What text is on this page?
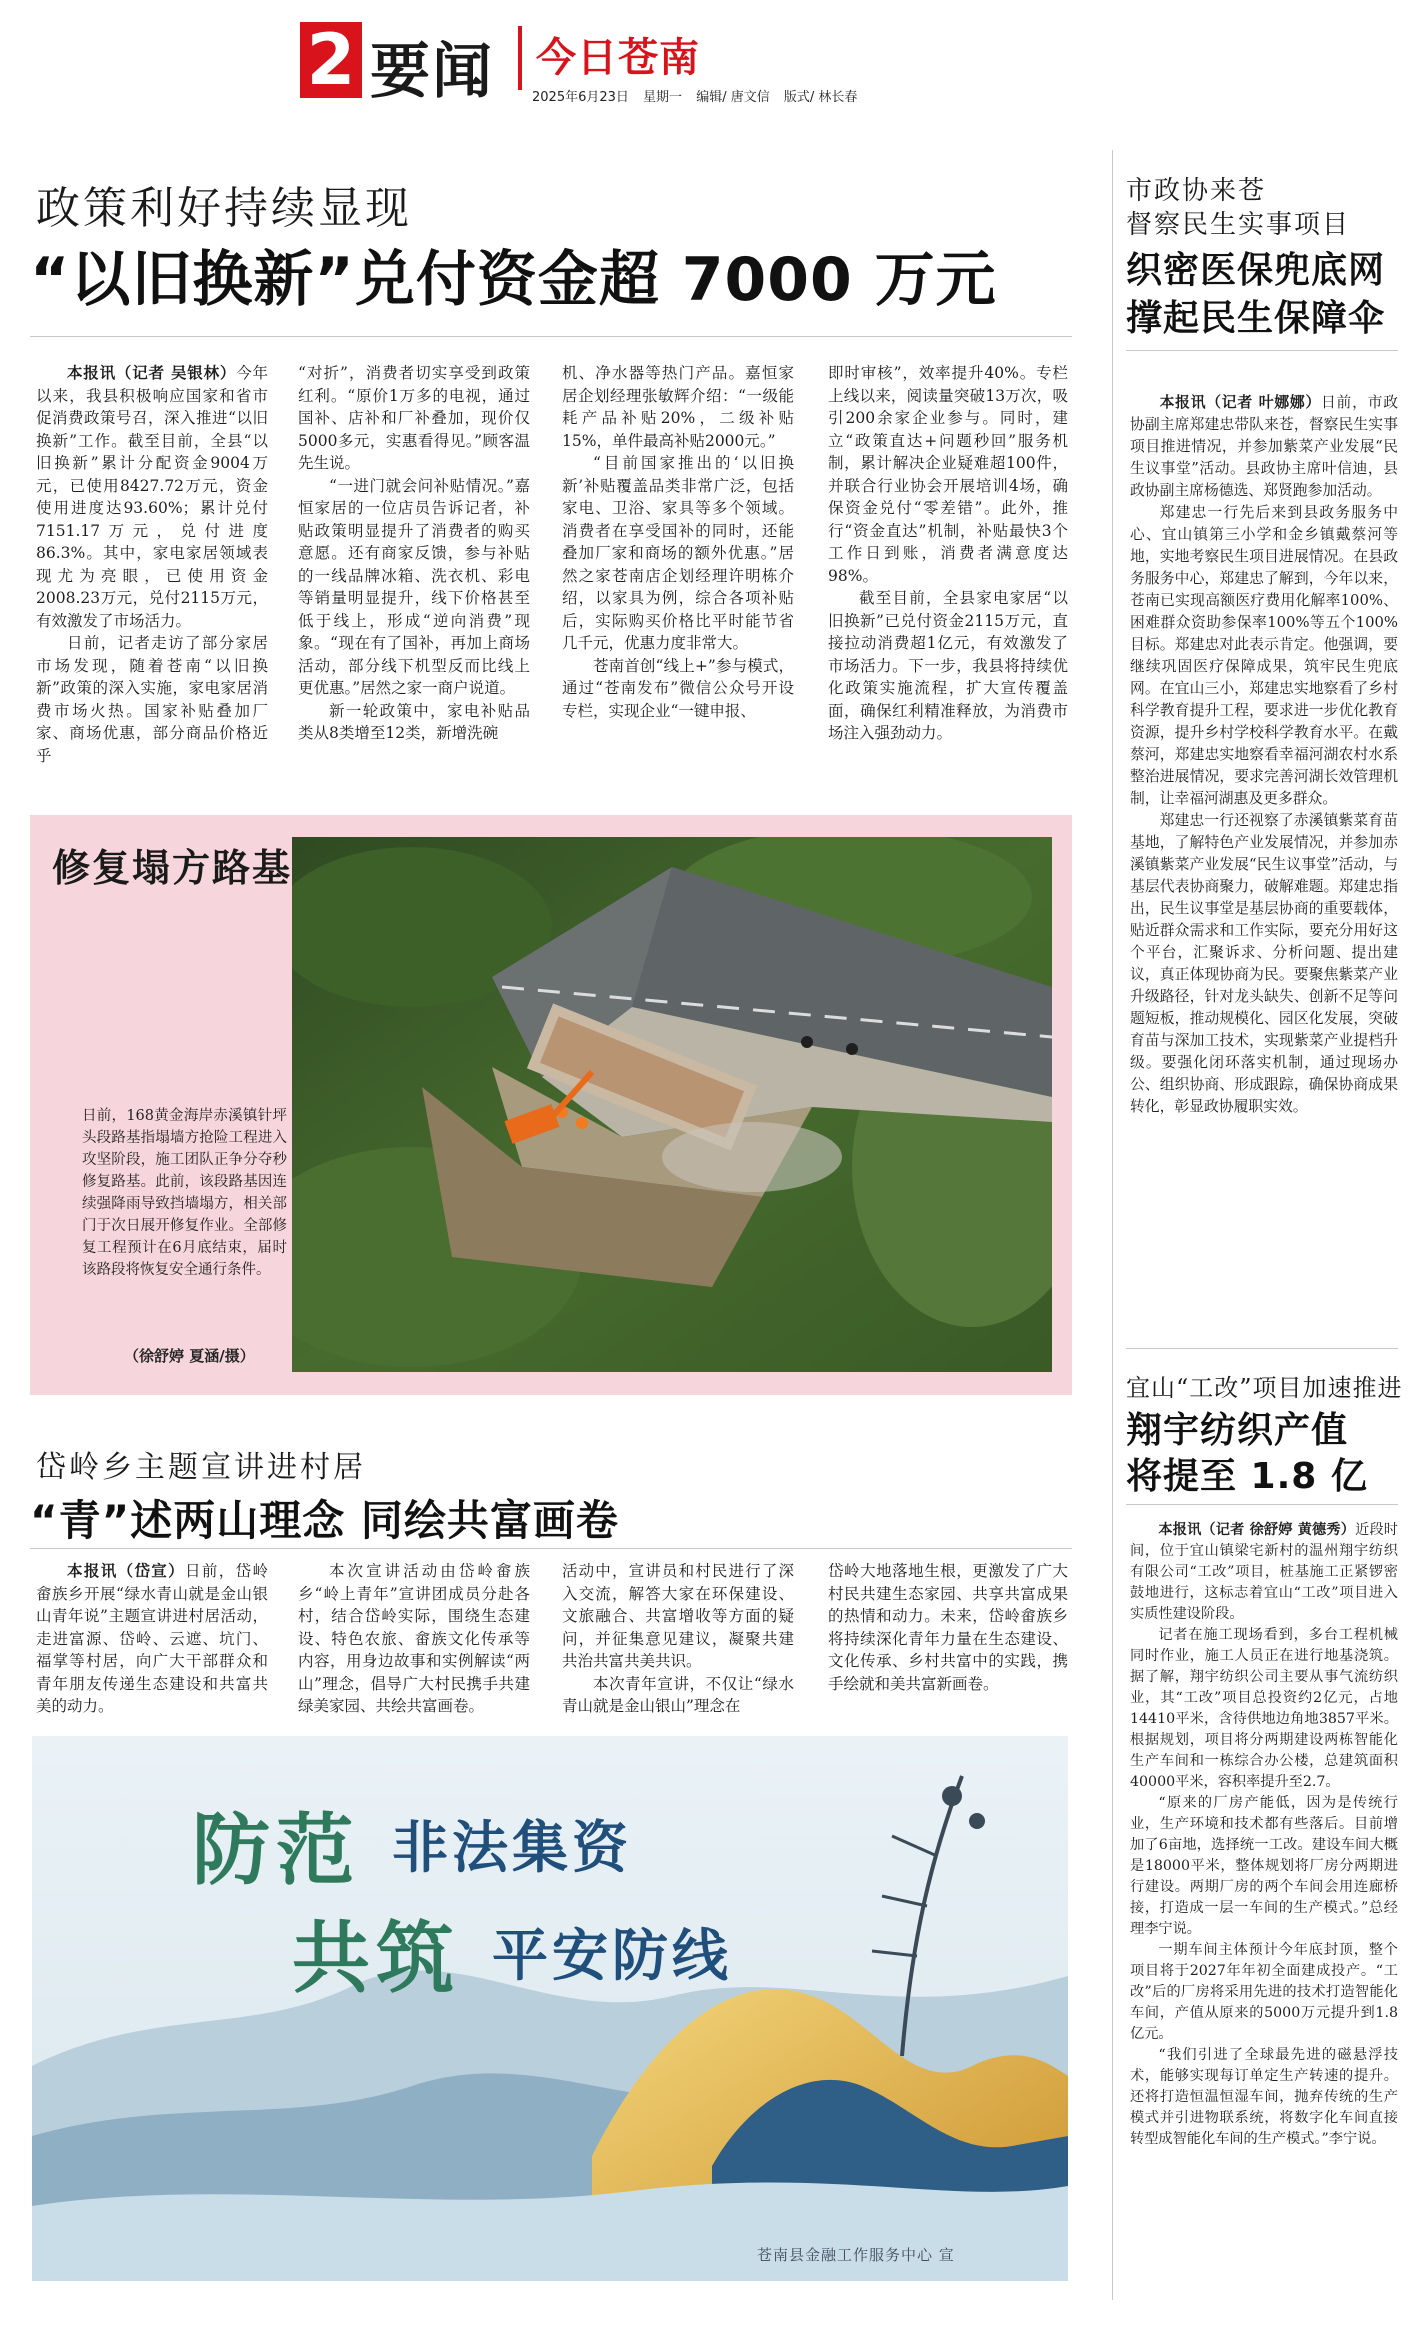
2 要闻 今日苍南
2025年6月23日 星期一 编辑/ 唐文信 版式/ 林长春
政策利好持续显现
“以旧换新”兑付资金超 7000 万元

本报讯（记者 吴银林）今年以来，我县积极响应国家和省市促消费政策号召，深入推进“以旧换新”工作。截至目前，全县“以旧换新”累计分配资金9004万元，已使用8427.72万元，资金使用进度达93.60%；累计兑付7151.17万元，兑付进度86.3%。其中，家电家居领域表现尤为亮眼，已使用资金2008.23万元，兑付2115万元，有效激发了市场活力。

日前，记者走访了部分家居市场发现，随着苍南“以旧换新”政策的深入实施，家电家居消费市场火热。国家补贴叠加厂家、商场优惠，部分商品价格近乎

“对折”，消费者切实享受到政策红利。“原价1万多的电视，通过国补、店补和厂补叠加，现价仅5000多元，实惠看得见。”顾客温先生说。

“一进门就会问补贴情况。”嘉恒家居的一位店员告诉记者，补贴政策明显提升了消费者的购买意愿。还有商家反馈，参与补贴的一线品牌冰箱、洗衣机、彩电等销量明显提升，线下价格甚至低于线上，形成“逆向消费”现象。“现在有了国补，再加上商场活动，部分线下机型反而比线上更优惠。”居然之家一商户说道。

新一轮政策中，家电补贴品类从8类增至12类，新增洗碗

机、净水器等热门产品。嘉恒家居企划经理张敏辉介绍：“一级能耗产品补贴20%，二级补贴15%，单件最高补贴2000元。”

“目前国家推出的‘以旧换新’补贴覆盖品类非常广泛，包括家电、卫浴、家具等多个领域。消费者在享受国补的同时，还能叠加厂家和商场的额外优惠。”居然之家苍南店企划经理许明栋介绍，以家具为例，综合各项补贴后，实际购买价格比平时能节省几千元，优惠力度非常大。

苍南首创“线上+”参与模式，通过“苍南发布”微信公众号开设专栏，实现企业“一键申报、

即时审核”，效率提升40%。专栏上线以来，阅读量突破13万次，吸引200余家企业参与。同时，建立“政策直达+问题秒回”服务机制，累计解决企业疑难超100件，并联合行业协会开展培训4场，确保资金兑付“零差错”。此外，推行“资金直达”机制，补贴最快3个工作日到账，消费者满意度达98%。

截至目前，全县家电家居“以旧换新”已兑付资金2115万元，直接拉动消费超1亿元，有效激发了市场活力。下一步，我县将持续优化政策实施流程，扩大宣传覆盖面，确保红利精准释放，为消费市场注入强劲动力。

修复塌方路基
日前，168黄金海岸赤溪镇针坪头段路基指塌墙方抢险工程进入攻坚阶段，施工团队正争分夺秒修复路基。此前，该段路基因连续强降雨导致挡墙塌方，相关部门于次日展开修复作业。全部修复工程预计在6月底结束，届时该路段将恢复安全通行条件。
（徐舒婷 夏涵/摄）
岱岭乡主题宣讲进村居
“青”述两山理念 同绘共富画卷

本报讯（岱宣）日前，岱岭畲族乡开展“绿水青山就是金山银山青年说”主题宣讲进村居活动，走进富源、岱岭、云遮、坑门、福掌等村居，向广大干部群众和青年朋友传递生态建设和共富共美的动力。

本次宣讲活动由岱岭畲族乡“岭上青年”宣讲团成员分赴各村，结合岱岭实际，围绕生态建设、特色农旅、畲族文化传承等内容，用身边故事和实例解读“两山”理念，倡导广大村民携手共建绿美家园、共绘共富画卷。

活动中，宣讲员和村民进行了深入交流，解答大家在环保建设、文旅融合、共富增收等方面的疑问，并征集意见建议，凝聚共建共治共富共美共识。

本次青年宣讲，不仅让“绿水青山就是金山银山”理念在

岱岭大地落地生根，更激发了广大村民共建生态家园、共享共富成果的热情和动力。未来，岱岭畲族乡将持续深化青年力量在生态建设、文化传承、乡村共富中的实践，携手绘就和美共富新画卷。

防范 非法集资
共筑 平安防线
苍南县金融工作服务中心 宣
市政协来苍
督察民生实事项目
织密医保兜底网
撑起民生保障伞

本报讯（记者 叶娜娜）日前，市政协副主席郑建忠带队来苍，督察民生实事项目推进情况，并参加紫菜产业发展“民生议事堂”活动。县政协主席叶信迪，县政协副主席杨德选、郑贤跑参加活动。

郑建忠一行先后来到县政务服务中心、宜山镇第三小学和金乡镇戴蔡河等地，实地考察民生项目进展情况。在县政务服务中心，郑建忠了解到，今年以来，苍南已实现高额医疗费用化解率100%、困难群众资助参保率100%等五个100%目标。郑建忠对此表示肯定。他强调，要继续巩固医疗保障成果，筑牢民生兜底网。在宜山三小，郑建忠实地察看了乡村科学教育提升工程，要求进一步优化教育资源，提升乡村学校科学教育水平。在戴蔡河，郑建忠实地察看幸福河湖农村水系整治进展情况，要求完善河湖长效管理机制，让幸福河湖惠及更多群众。

郑建忠一行还视察了赤溪镇紫菜育苗基地，了解特色产业发展情况，并参加赤溪镇紫菜产业发展“民生议事堂”活动，与基层代表协商聚力，破解难题。郑建忠指出，民生议事堂是基层协商的重要载体，贴近群众需求和工作实际，要充分用好这个平台，汇聚诉求、分析问题、提出建议，真正体现协商为民。要聚焦紫菜产业升级路径，针对龙头缺失、创新不足等问题短板，推动规模化、园区化发展，突破育苗与深加工技术，实现紫菜产业提档升级。要强化闭环落实机制，通过现场办公、组织协商、形成跟踪，确保协商成果转化，彰显政协履职实效。

宜山“工改”项目加速推进
翔宇纺织产值
将提至 1.8 亿

本报讯（记者 徐舒婷 黄德秀）近段时间，位于宜山镇梁宅新村的温州翔宇纺织有限公司“工改”项目，桩基施工正紧锣密鼓地进行，这标志着宜山“工改”项目进入实质性建设阶段。

记者在施工现场看到，多台工程机械同时作业，施工人员正在进行地基浇筑。据了解，翔宇纺织公司主要从事气流纺织业，其“工改”项目总投资约2亿元，占地14410平米，含待供地边角地3857平米。根据规划，项目将分两期建设两栋智能化生产车间和一栋综合办公楼，总建筑面积40000平米，容积率提升至2.7。

“原来的厂房产能低，因为是传统行业，生产环境和技术都有些落后。目前增加了6亩地，选择统一工改。建设车间大概是18000平米，整体规划将厂房分两期进行建设。两期厂房的两个车间会用连廊桥接，打造成一层一车间的生产模式。”总经理李宁说。

一期车间主体预计今年底封顶，整个项目将于2027年年初全面建成投产。“工改”后的厂房将采用先进的技术打造智能化车间，产值从原来的5000万元提升到1.8亿元。

“我们引进了全球最先进的磁悬浮技术，能够实现每订单定生产转速的提升。还将打造恒温恒湿车间，抛弃传统的生产模式并引进物联系统，将数字化车间直接转型成智能化车间的生产模式。”李宁说。
